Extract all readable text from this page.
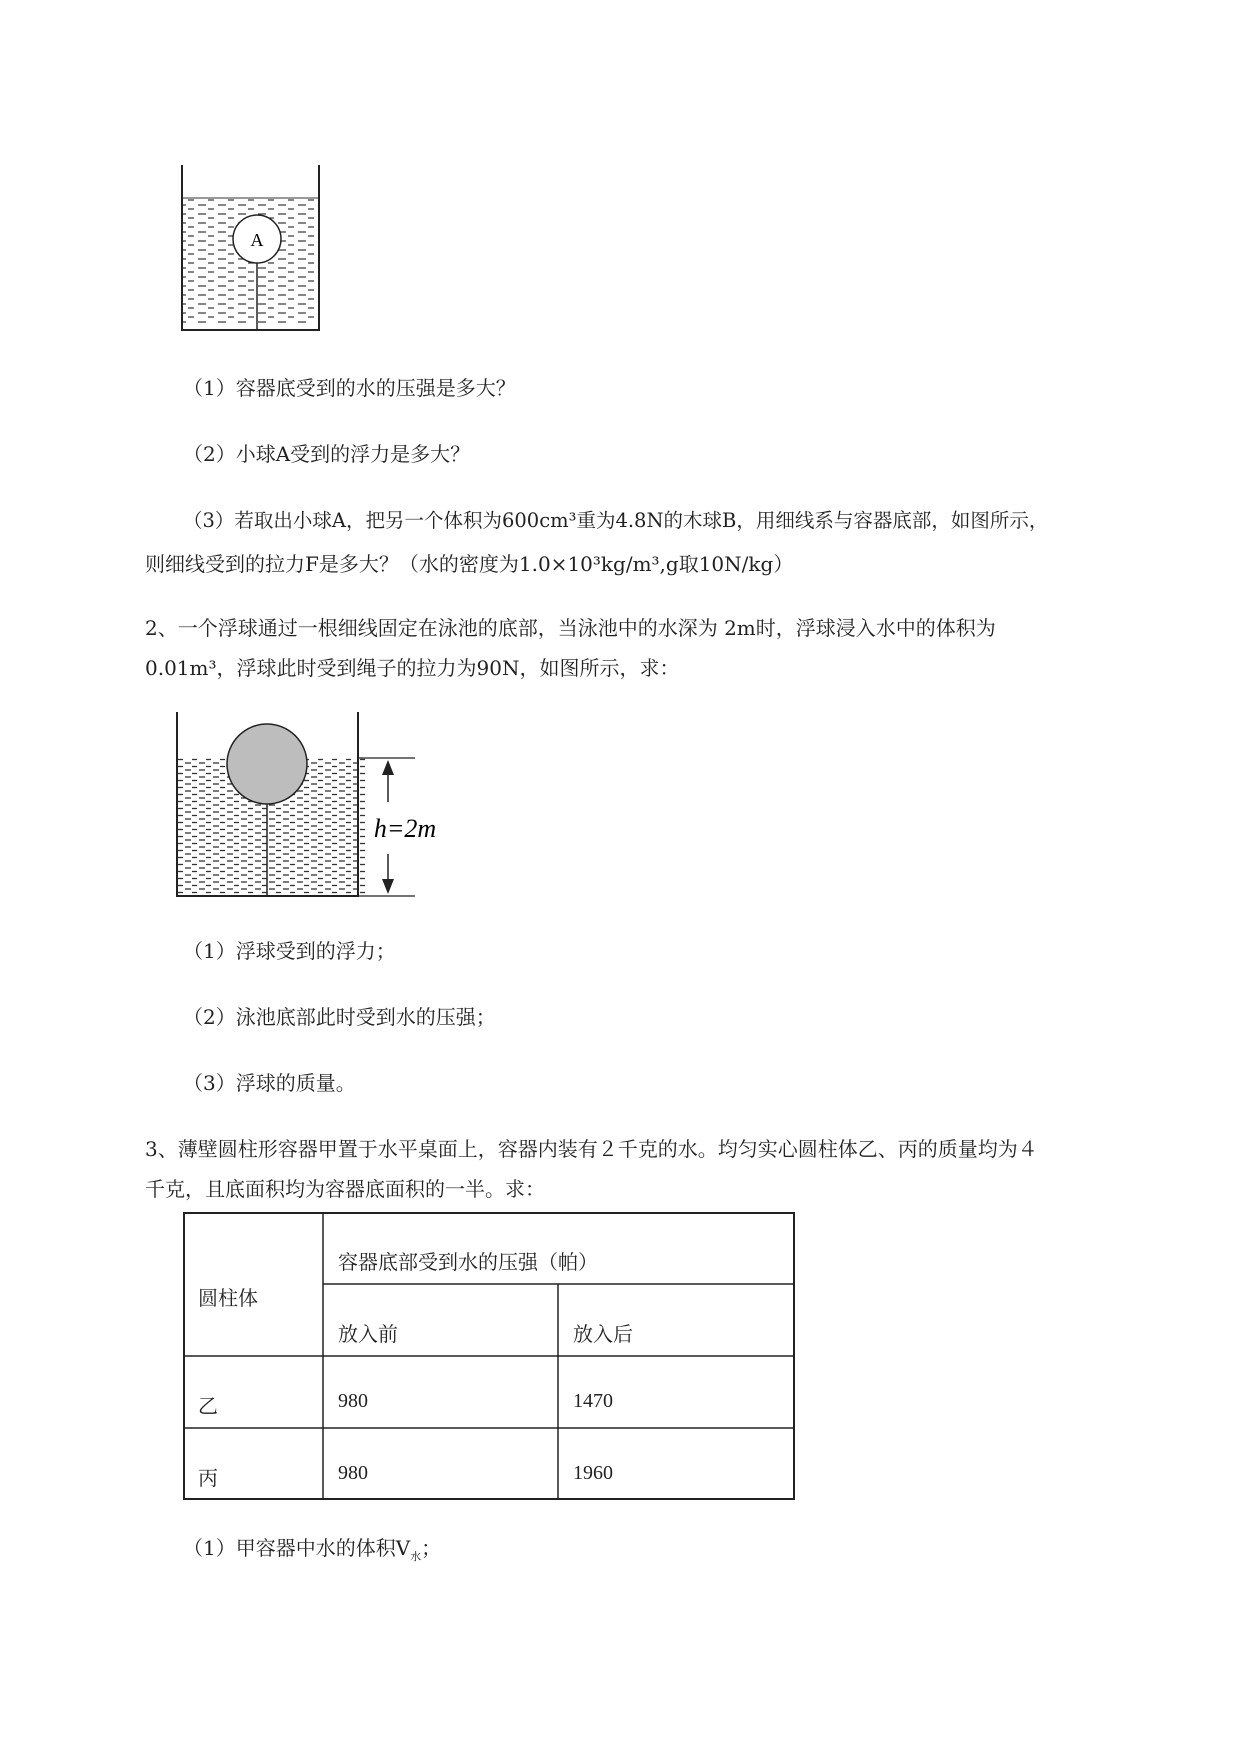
A
（1）容器底受到的水的压强是多大？
（2）小球A受到的浮力是多大？
（3）若取出小球A，把另一个体积为600cm³重为4.8N的木球B，用细线系与容器底部，如图所示，
则细线受到的拉力F是多大？（水的密度为1.0×10³kg/m³,g取10N/kg）
2、一个浮球通过一根细线固定在泳池的底部，当泳池中的水深为 2m时，浮球浸入水中的体积为
0.01m³，浮球此时受到绳子的拉力为90N，如图所示，求：
h=2m
（1）浮球受到的浮力；
（2）泳池底部此时受到水的压强；
（3）浮球的质量。
3、薄壁圆柱形容器甲置于水平桌面上，容器内装有２千克的水。均匀实心圆柱体乙、丙的质量均为４
千克，且底面积均为容器底面积的一半。求：
圆柱体
容器底部受到水的压强（帕）
放入前	放入后
乙	980	1470
丙	980	1960
（1）甲容器中水的体积$V_水$；
